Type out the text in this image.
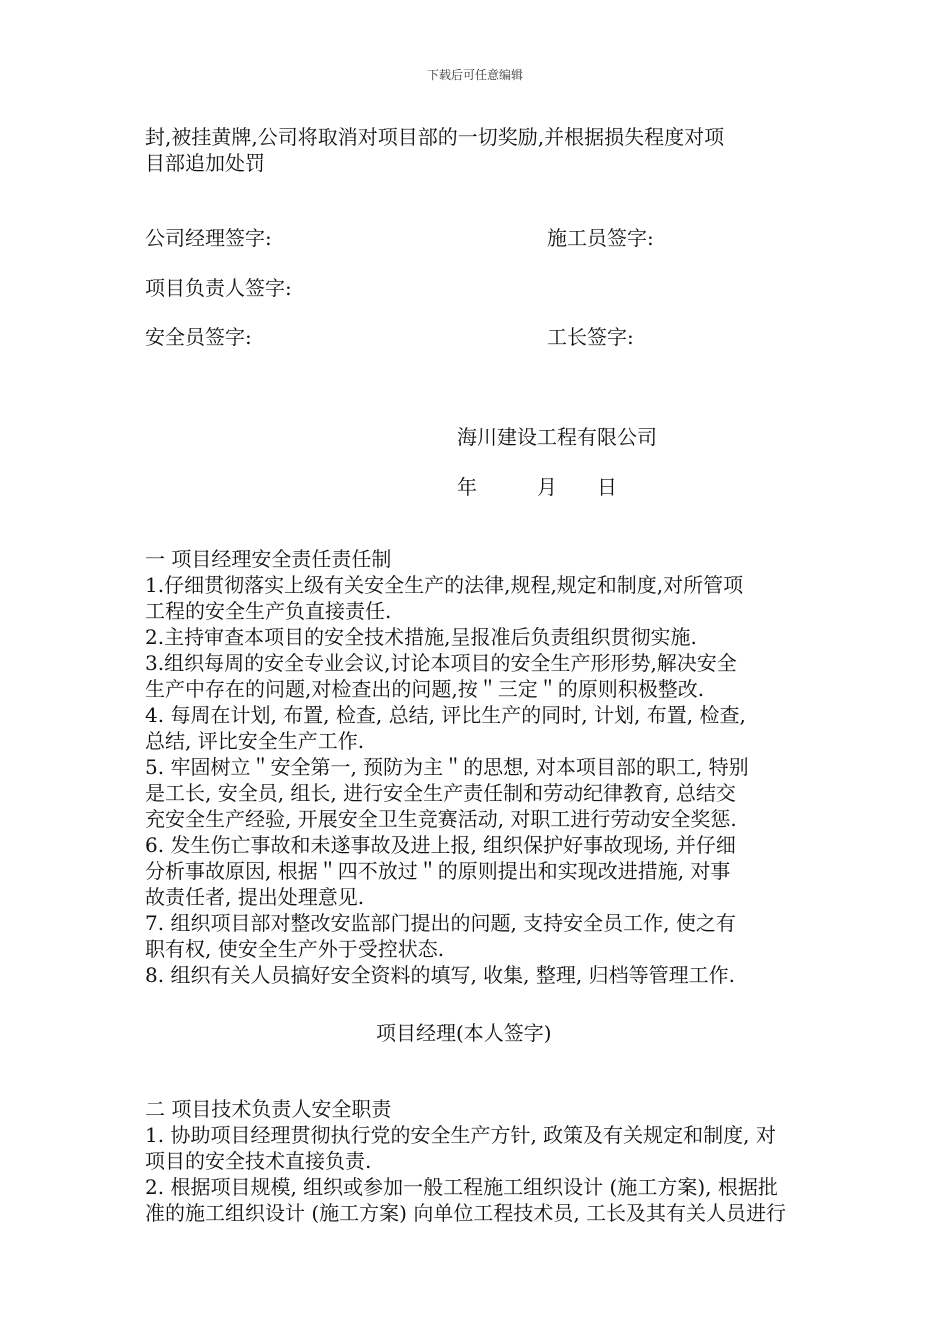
下载后可任意编辑
封,被挂黄牌,公司将取消对项目部的一切奖励,并根据损失程度对项
目部追加处罚
公司经理签字:	施工员签字:
项目负责人签字:
安全员签字:	工长签字:
海川建设工程有限公司
年	月 日
一 项目经理安全责任责任制
1.仔细贯彻落实上级有关安全生产的法律,规程,规定和制度,对所管项
工程的安全生产负直接责任.
2.主持审查本项目的安全技术措施,呈报准后负责组织贯彻实施.
3.组织每周的安全专业会议,讨论本项目的安全生产形形势,解决安全
生产中存在的问题,对检查出的问题,按＂三定＂的原则积极整改.
4. 每周在计划, 布置, 检查, 总结, 评比生产的同时, 计划, 布置, 检查,
总结, 评比安全生产工作.
5. 牢固树立＂安全第一, 预防为主＂的思想, 对本项目部的职工, 特别
是工长, 安全员, 组长, 进行安全生产责任制和劳动纪律教育, 总结交
充安全生产经验, 开展安全卫生竞赛活动, 对职工进行劳动安全奖惩.
6. 发生伤亡事故和未遂事故及进上报, 组织保护好事故现场, 并仔细
分析事故原因, 根据＂四不放过＂的原则提出和实现改进措施, 对事
故责任者, 提出处理意见.
7. 组织项目部对整改安监部门提出的问题, 支持安全员工作, 使之有
职有权, 使安全生产外于受控状态.
8. 组织有关人员搞好安全资料的填写, 收集, 整理, 归档等管理工作.
项目经理(本人签字)
二 项目技术负责人安全职责
1. 协助项目经理贯彻执行党的安全生产方针, 政策及有关规定和制度, 对
项目的安全技术直接负责.
2. 根据项目规模, 组织或参加一般工程施工组织设计 (施工方案), 根据批
准的施工组织设计 (施工方案) 向单位工程技术员, 工长及其有关人员进行
